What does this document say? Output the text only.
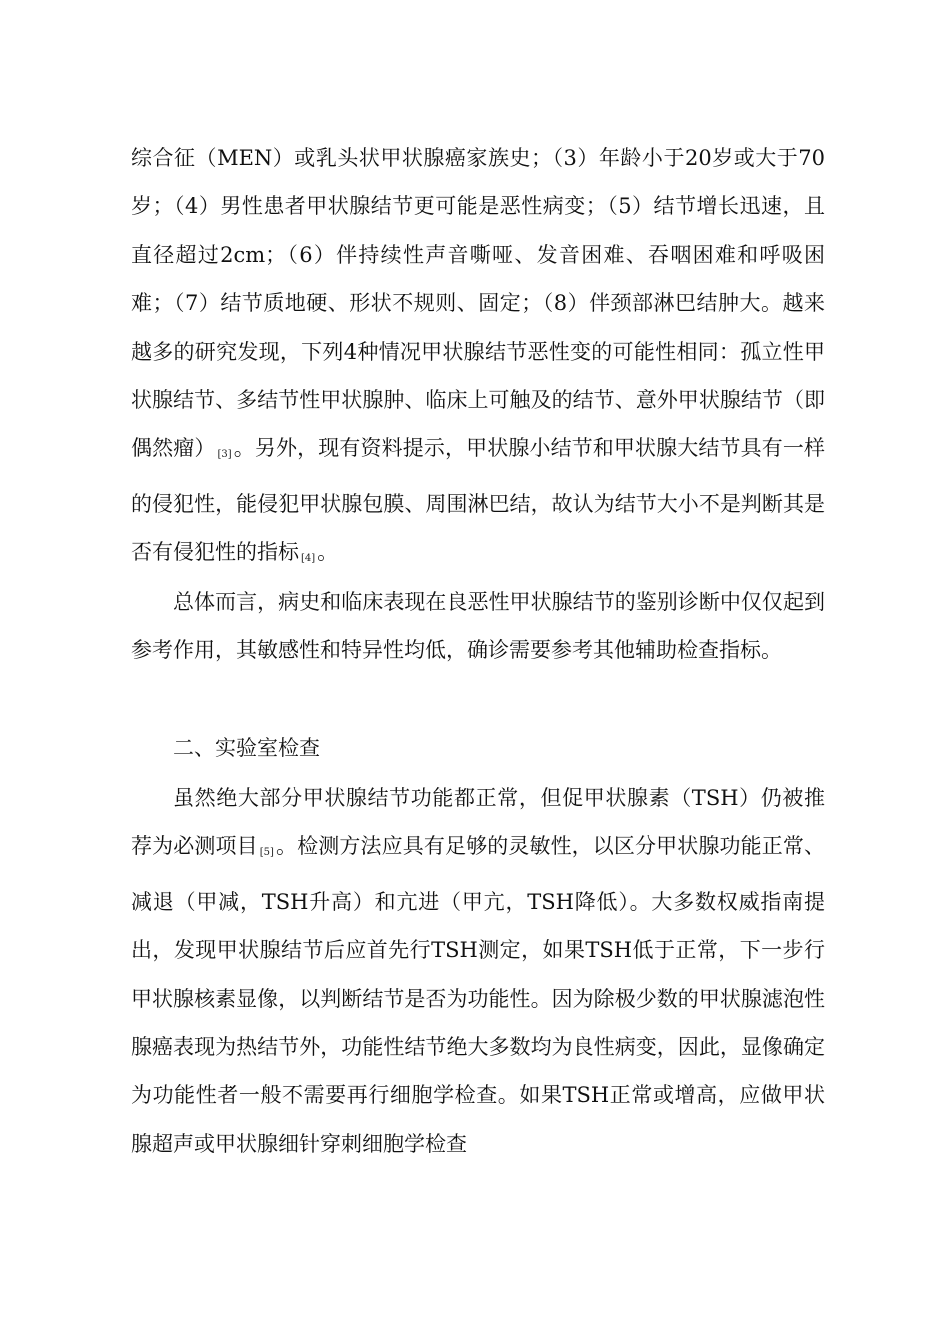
综合征（MEN）或乳头状甲状腺癌家族史；（3）年龄小于20岁或大于70岁；（4）男性患者甲状腺结节更可能是恶性病变；（5）结节增长迅速，且直径超过2cm；（6）伴持续性声音嘶哑、发音困难、吞咽困难和呼吸困难；（7）结节质地硬、形状不规则、固定；（8）伴颈部淋巴结肿大。越来越多的研究发现，下列4种情况甲状腺结节恶性变的可能性相同：孤立性甲状腺结节、多结节性甲状腺肿、临床上可触及的结节、意外甲状腺结节（即偶然瘤） [3]。另外，现有资料提示，甲状腺小结节和甲状腺大结节具有一样的侵犯性，能侵犯甲状腺包膜、周围淋巴结，故认为结节大小不是判断其是否有侵犯性的指标 [4]。

总体而言，病史和临床表现在良恶性甲状腺结节的鉴别诊断中仅仅起到参考作用，其敏感性和特异性均低，确诊需要参考其他辅助检查指标。

二、实验室检查

虽然绝大部分甲状腺结节功能都正常，但促甲状腺素（TSH）仍被推荐为必测项目 [5]。检测方法应具有足够的灵敏性，以区分甲状腺功能正常、减退（甲减，TSH升高）和亢进（甲亢，TSH降低）。大多数权威指南提出，发现甲状腺结节后应首先行TSH测定，如果TSH低于正常，下一步行甲状腺核素显像，以判断结节是否为功能性。因为除极少数的甲状腺滤泡性腺癌表现为热结节外，功能性结节绝大多数均为良性病变，因此，显像确定为功能性者一般不需要再行细胞学检查。如果TSH正常或增高，应做甲状腺超声或甲状腺细针穿刺细胞学检查
